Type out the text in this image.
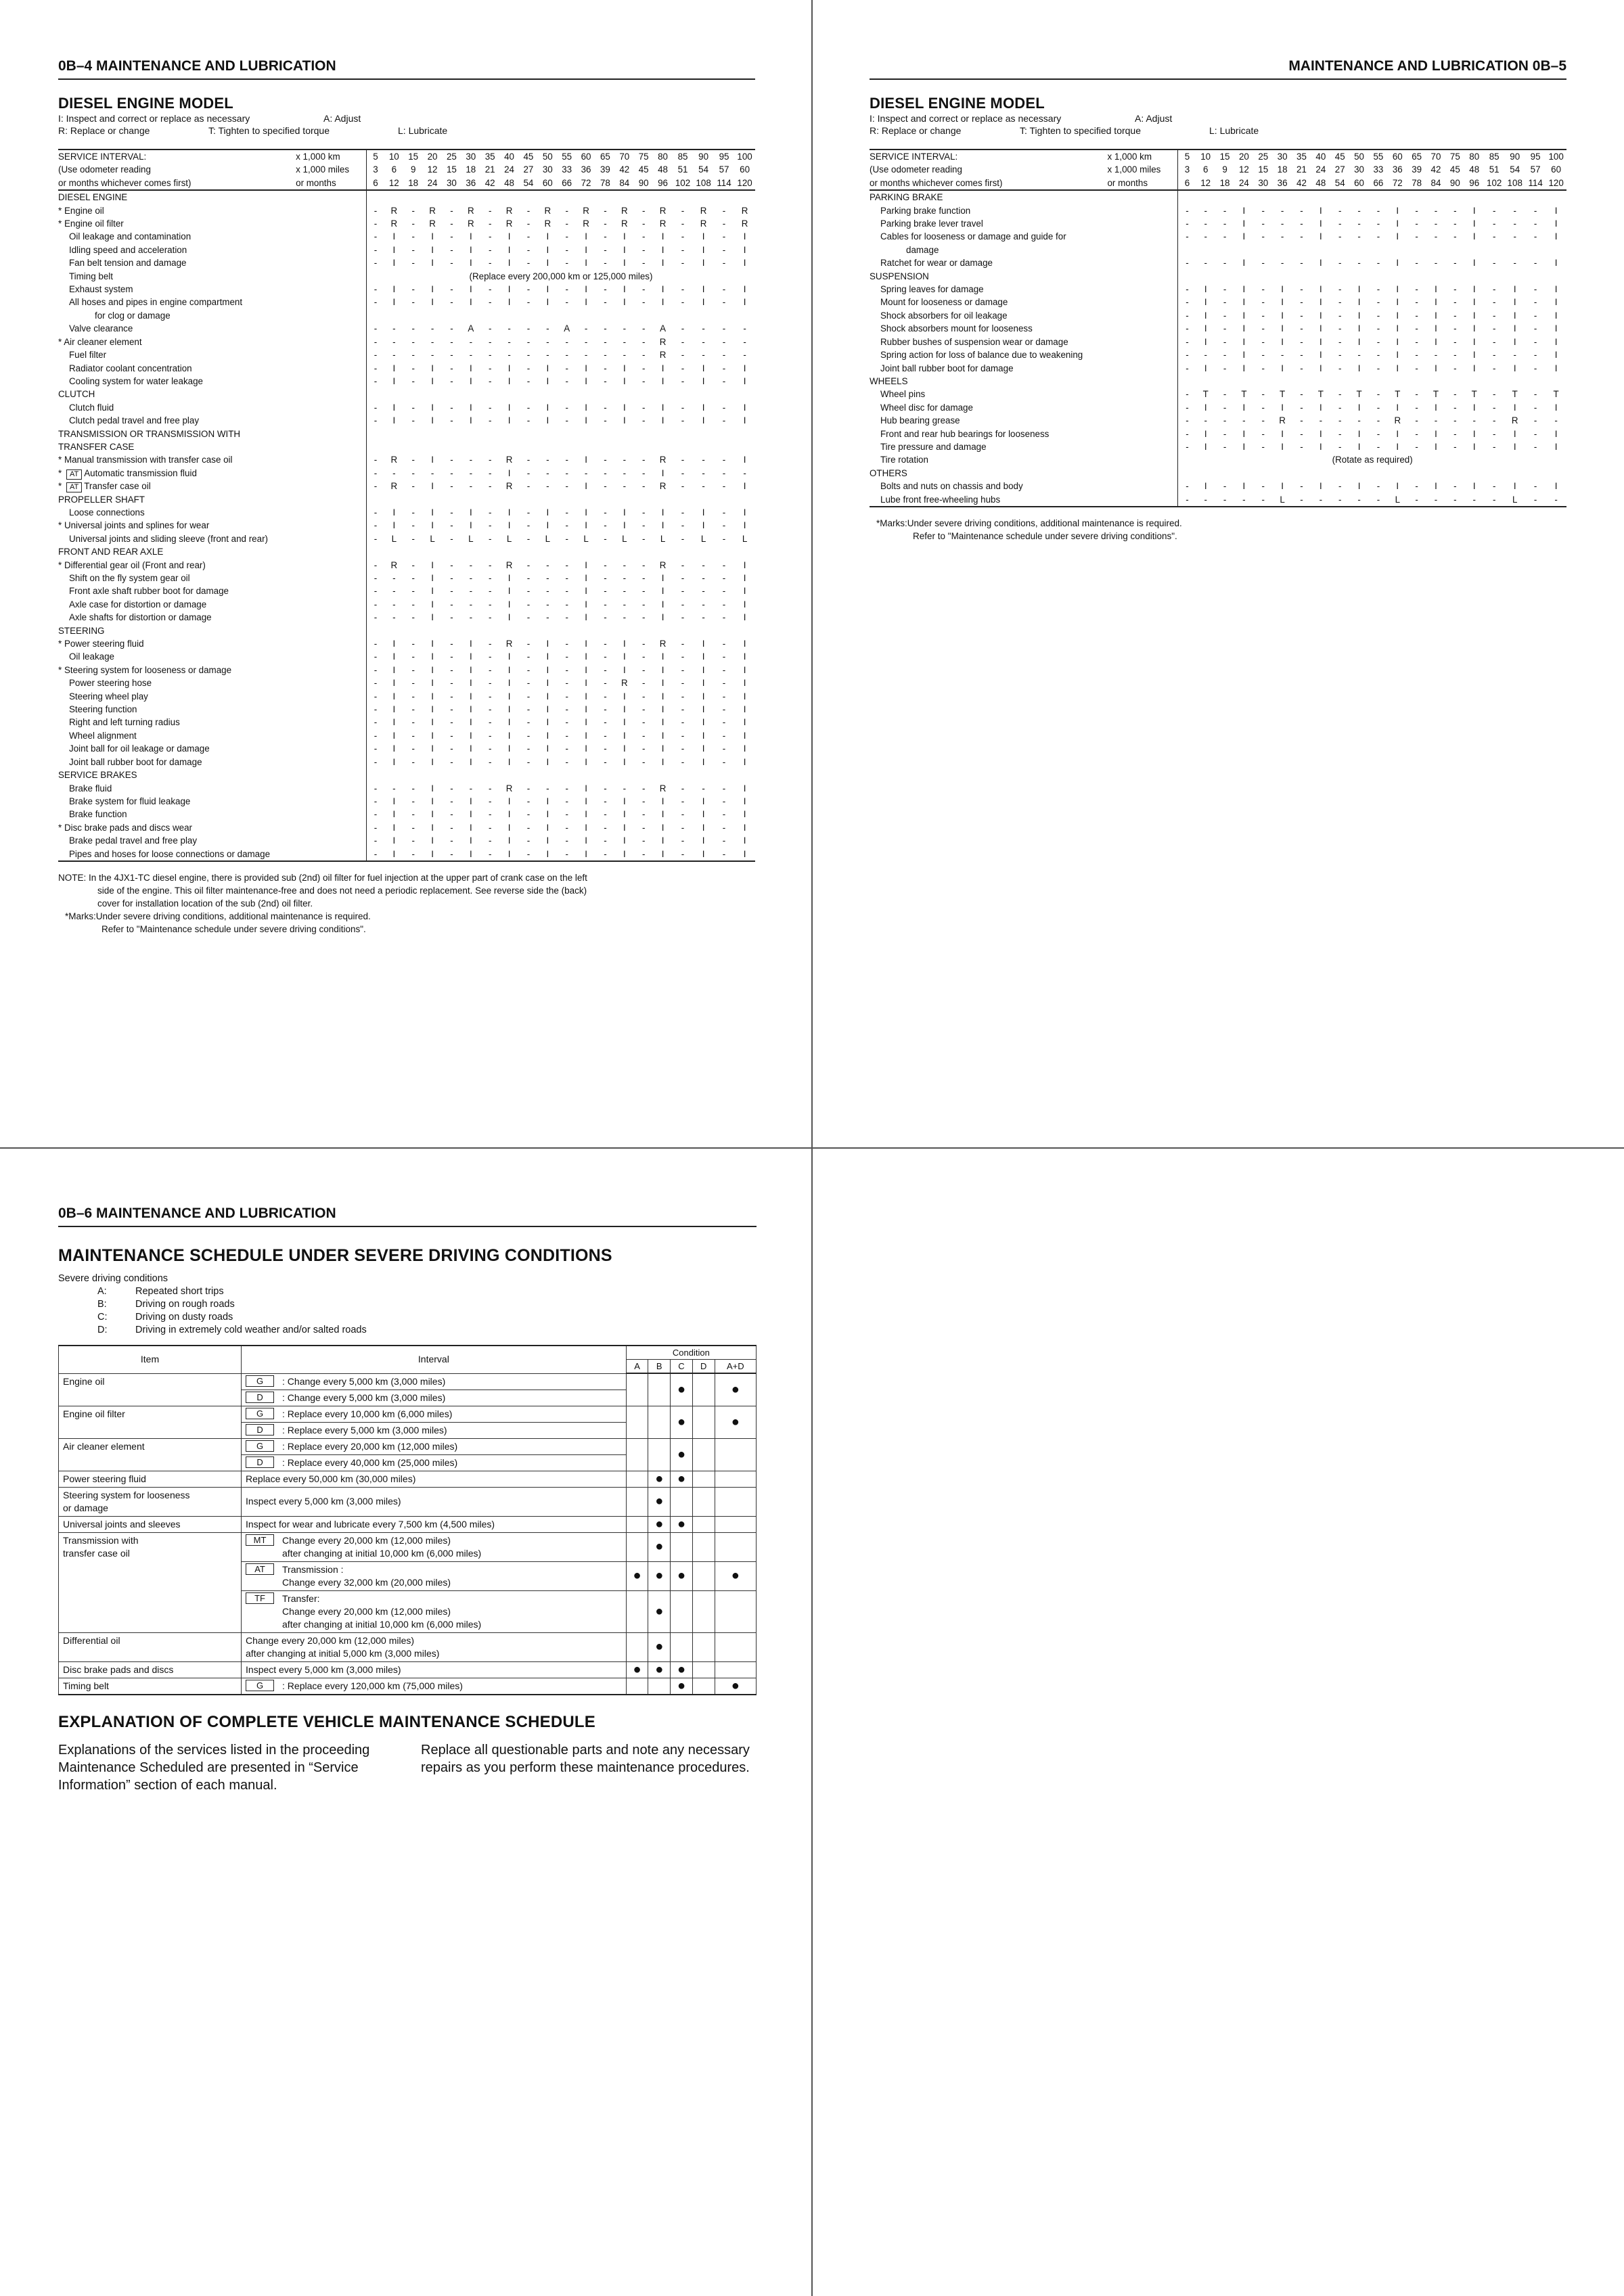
0B–4 MAINTENANCE AND LUBRICATION
DIESEL ENGINE MODEL
I: Inspect and correct or replace as necessary	A: Adjust
R: Replace or change	T: Tighten to specified torque	L: Lubricate
SERVICE INTERVAL:	x 1,000 km	5	10	15	20	25	30	35	40	45	50	55	60	65	70	75	80	85	90	95	100
(Use odometer reading	x 1,000 miles	3	6	9	12	15	18	21	24	27	30	33	36	39	42	45	48	51	54	57	60
or months whichever comes first)	or months	6	12	18	24	30	36	42	48	54	60	66	72	78	84	90	96	102	108	114	120
DIESEL ENGINE																					
* Engine oil		-	R	-	R	-	R	-	R	-	R	-	R	-	R	-	R	-	R	-	R
* Engine oil filter		-	R	-	R	-	R	-	R	-	R	-	R	-	R	-	R	-	R	-	R
Oil leakage and contamination		-	I	-	I	-	I	-	I	-	I	-	I	-	I	-	I	-	I	-	I
Idling speed and acceleration		-	I	-	I	-	I	-	I	-	I	-	I	-	I	-	I	-	I	-	I
Fan belt tension and damage		-	I	-	I	-	I	-	I	-	I	-	I	-	I	-	I	-	I	-	I
Timing belt		(Replace every 200,000 km or 125,000 miles)																			
Exhaust system		-	I	-	I	-	I	-	I	-	I	-	I	-	I	-	I	-	I	-	I
All hoses and pipes in engine compartment		-	I	-	I	-	I	-	I	-	I	-	I	-	I	-	I	-	I	-	I
for clog or damage																					
Valve clearance		-	-	-	-	-	A	-	-	-	-	A	-	-	-	-	A	-	-	-	-
* Air cleaner element		-	-	-	-	-	-	-	-	-	-	-	-	-	-	-	R	-	-	-	-
Fuel filter		-	-	-	-	-	-	-	-	-	-	-	-	-	-	-	R	-	-	-	-
Radiator coolant concentration		-	I	-	I	-	I	-	I	-	I	-	I	-	I	-	I	-	I	-	I
Cooling system for water leakage		-	I	-	I	-	I	-	I	-	I	-	I	-	I	-	I	-	I	-	I
CLUTCH																					
Clutch fluid		-	I	-	I	-	I	-	I	-	I	-	I	-	I	-	I	-	I	-	I
Clutch pedal travel and free play		-	I	-	I	-	I	-	I	-	I	-	I	-	I	-	I	-	I	-	I
TRANSMISSION OR TRANSMISSION WITH																					
TRANSFER CASE																					
* Manual transmission with transfer case oil		-	R	-	I	-	-	-	R	-	-	-	I	-	-	-	R	-	-	-	I
* AT Automatic transmission fluid		-	-	-	-	-	-	-	I	-	-	-	-	-	-	-	I	-	-	-	-
* AT Transfer case oil		-	R	-	I	-	-	-	R	-	-	-	I	-	-	-	R	-	-	-	I
PROPELLER SHAFT																					
Loose connections		-	I	-	I	-	I	-	I	-	I	-	I	-	I	-	I	-	I	-	I
* Universal joints and splines for wear		-	I	-	I	-	I	-	I	-	I	-	I	-	I	-	I	-	I	-	I
Universal joints and sliding sleeve (front and rear)		-	L	-	L	-	L	-	L	-	L	-	L	-	L	-	L	-	L	-	L
FRONT AND REAR AXLE																					
* Differential gear oil (Front and rear)		-	R	-	I	-	-	-	R	-	-	-	I	-	-	-	R	-	-	-	I
Shift on the fly system gear oil		-	-	-	I	-	-	-	I	-	-	-	I	-	-	-	I	-	-	-	I
Front axle shaft rubber boot for damage		-	-	-	I	-	-	-	I	-	-	-	I	-	-	-	I	-	-	-	I
Axle case for distortion or damage		-	-	-	I	-	-	-	I	-	-	-	I	-	-	-	I	-	-	-	I
Axle shafts for distortion or damage		-	-	-	I	-	-	-	I	-	-	-	I	-	-	-	I	-	-	-	I
STEERING																					
* Power steering fluid		-	I	-	I	-	I	-	R	-	I	-	I	-	I	-	R	-	I	-	I
Oil leakage		-	I	-	I	-	I	-	I	-	I	-	I	-	I	-	I	-	I	-	I
* Steering system for looseness or damage		-	I	-	I	-	I	-	I	-	I	-	I	-	I	-	I	-	I	-	I
Power steering hose		-	I	-	I	-	I	-	I	-	I	-	I	-	R	-	I	-	I	-	I
Steering wheel play		-	I	-	I	-	I	-	I	-	I	-	I	-	I	-	I	-	I	-	I
Steering function		-	I	-	I	-	I	-	I	-	I	-	I	-	I	-	I	-	I	-	I
Right and left turning radius		-	I	-	I	-	I	-	I	-	I	-	I	-	I	-	I	-	I	-	I
Wheel alignment		-	I	-	I	-	I	-	I	-	I	-	I	-	I	-	I	-	I	-	I
Joint ball for oil leakage or damage		-	I	-	I	-	I	-	I	-	I	-	I	-	I	-	I	-	I	-	I
Joint ball rubber boot for damage		-	I	-	I	-	I	-	I	-	I	-	I	-	I	-	I	-	I	-	I
SERVICE BRAKES																					
Brake fluid		-	-	-	I	-	-	-	R	-	-	-	I	-	-	-	R	-	-	-	I
Brake system for fluid leakage		-	I	-	I	-	I	-	I	-	I	-	I	-	I	-	I	-	I	-	I
Brake function		-	I	-	I	-	I	-	I	-	I	-	I	-	I	-	I	-	I	-	I
* Disc brake pads and discs wear		-	I	-	I	-	I	-	I	-	I	-	I	-	I	-	I	-	I	-	I
Brake pedal travel and free play		-	I	-	I	-	I	-	I	-	I	-	I	-	I	-	I	-	I	-	I
Pipes and hoses for loose connections or damage		-	I	-	I	-	I	-	I	-	I	-	I	-	I	-	I	-	I	-	I
NOTE: In the 4JX1-TC diesel engine, there is provided sub (2nd) oil filter for fuel injection at the upper part of crank case on the left
side of the engine. This oil filter maintenance-free and does not need a periodic replacement. See reverse side the (back)
cover for installation location of the sub (2nd) oil filter.
*Marks:Under severe driving conditions, additional maintenance is required.
Refer to "Maintenance schedule under severe driving conditions".
MAINTENANCE AND LUBRICATION 0B–5
DIESEL ENGINE MODEL
I: Inspect and correct or replace as necessary	A: Adjust
R: Replace or change	T: Tighten to specified torque	L: Lubricate
SERVICE INTERVAL:	x 1,000 km	5	10	15	20	25	30	35	40	45	50	55	60	65	70	75	80	85	90	95	100
(Use odometer reading	x 1,000 miles	3	6	9	12	15	18	21	24	27	30	33	36	39	42	45	48	51	54	57	60
or months whichever comes first)	or months	6	12	18	24	30	36	42	48	54	60	66	72	78	84	90	96	102	108	114	120
PARKING BRAKE																					
Parking brake function		-	-	-	I	-	-	-	I	-	-	-	I	-	-	-	I	-	-	-	I
Parking brake lever travel		-	-	-	I	-	-	-	I	-	-	-	I	-	-	-	I	-	-	-	I
Cables for looseness or damage and guide for		-	-	-	I	-	-	-	I	-	-	-	I	-	-	-	I	-	-	-	I
damage																					
Ratchet for wear or damage		-	-	-	I	-	-	-	I	-	-	-	I	-	-	-	I	-	-	-	I
SUSPENSION																					
Spring leaves for damage		-	I	-	I	-	I	-	I	-	I	-	I	-	I	-	I	-	I	-	I
Mount for looseness or damage		-	I	-	I	-	I	-	I	-	I	-	I	-	I	-	I	-	I	-	I
Shock absorbers for oil leakage		-	I	-	I	-	I	-	I	-	I	-	I	-	I	-	I	-	I	-	I
Shock absorbers mount for looseness		-	I	-	I	-	I	-	I	-	I	-	I	-	I	-	I	-	I	-	I
Rubber bushes of suspension wear or damage		-	I	-	I	-	I	-	I	-	I	-	I	-	I	-	I	-	I	-	I
Spring action for loss of balance due to weakening		-	-	-	I	-	-	-	I	-	-	-	I	-	-	-	I	-	-	-	I
Joint ball rubber boot for damage		-	I	-	I	-	I	-	I	-	I	-	I	-	I	-	I	-	I	-	I
WHEELS																					
Wheel pins		-	T	-	T	-	T	-	T	-	T	-	T	-	T	-	T	-	T	-	T
Wheel disc for damage		-	I	-	I	-	I	-	I	-	I	-	I	-	I	-	I	-	I	-	I
Hub bearing grease		-	-	-	-	-	R	-	-	-	-	-	R	-	-	-	-	-	R	-	-
Front and rear hub bearings for looseness		-	I	-	I	-	I	-	I	-	I	-	I	-	I	-	I	-	I	-	I
Tire pressure and damage		-	I	-	I	-	I	-	I	-	I	-	I	-	I	-	I	-	I	-	I
Tire rotation		(Rotate as required)																			
OTHERS																					
Bolts and nuts on chassis and body		-	I	-	I	-	I	-	I	-	I	-	I	-	I	-	I	-	I	-	I
Lube front free-wheeling hubs		-	-	-	-	-	L	-	-	-	-	-	L	-	-	-	-	-	L	-	-
*Marks:Under severe driving conditions, additional maintenance is required.
Refer to "Maintenance schedule under severe driving conditions".
0B–6 MAINTENANCE AND LUBRICATION
MAINTENANCE SCHEDULE UNDER SEVERE DRIVING CONDITIONS
Severe driving conditions
A:	Repeated short trips
B:	Driving on rough roads
C:	Driving on dusty roads
D:	Driving in extremely cold weather and/or salted roads
Item	Interval	Condition				
		A	B	C	D	A+D
Engine oil	G : Change every 5,000 km (3,000 miles)			●		●

	D : Change every 5,000 km (3,000 miles)					

Engine oil filter	G : Replace every 10,000 km (6,000 miles)			●		●

	D : Replace every 5,000 km (3,000 miles)					

Air cleaner element	G : Replace every 20,000 km (12,000 miles)			●		

	D : Replace every 40,000 km (25,000 miles)					

Power steering fluid	Replace every 50,000 km (30,000 miles)		●	●		
Steering system for looseness
or damage	Inspect every 5,000 km (3,000 miles)		●			
Universal joints and sleeves	Inspect for wear and lubricate every 7,500 km (4,500 miles)		●	●		
Transmission with
transfer case oil	MT Change every 20,000 km (12,000 miles)
after changing at initial 10,000 km (6,000 miles)		●			

	AT Transmission :
Change every 32,000 km (20,000 miles)	●	●	●		●

	TF Transfer:
Change every 20,000 km (12,000 miles)
after changing at initial 10,000 km (6,000 miles)		●			
Differential oil	Change every 20,000 km (12,000 miles)
after changing at initial 5,000 km (3,000 miles)		●			
Disc brake pads and discs	Inspect every 5,000 km (3,000 miles)	●	●	●		
Timing belt	G : Replace every 120,000 km (75,000 miles)			●		●
EXPLANATION OF COMPLETE VEHICLE MAINTENANCE SCHEDULE
Explanations of the services listed in the proceeding Maintenance Scheduled are presented in “Service Information” section of each manual.
Replace all questionable parts and note any necessary repairs as you perform these maintenance procedures.
